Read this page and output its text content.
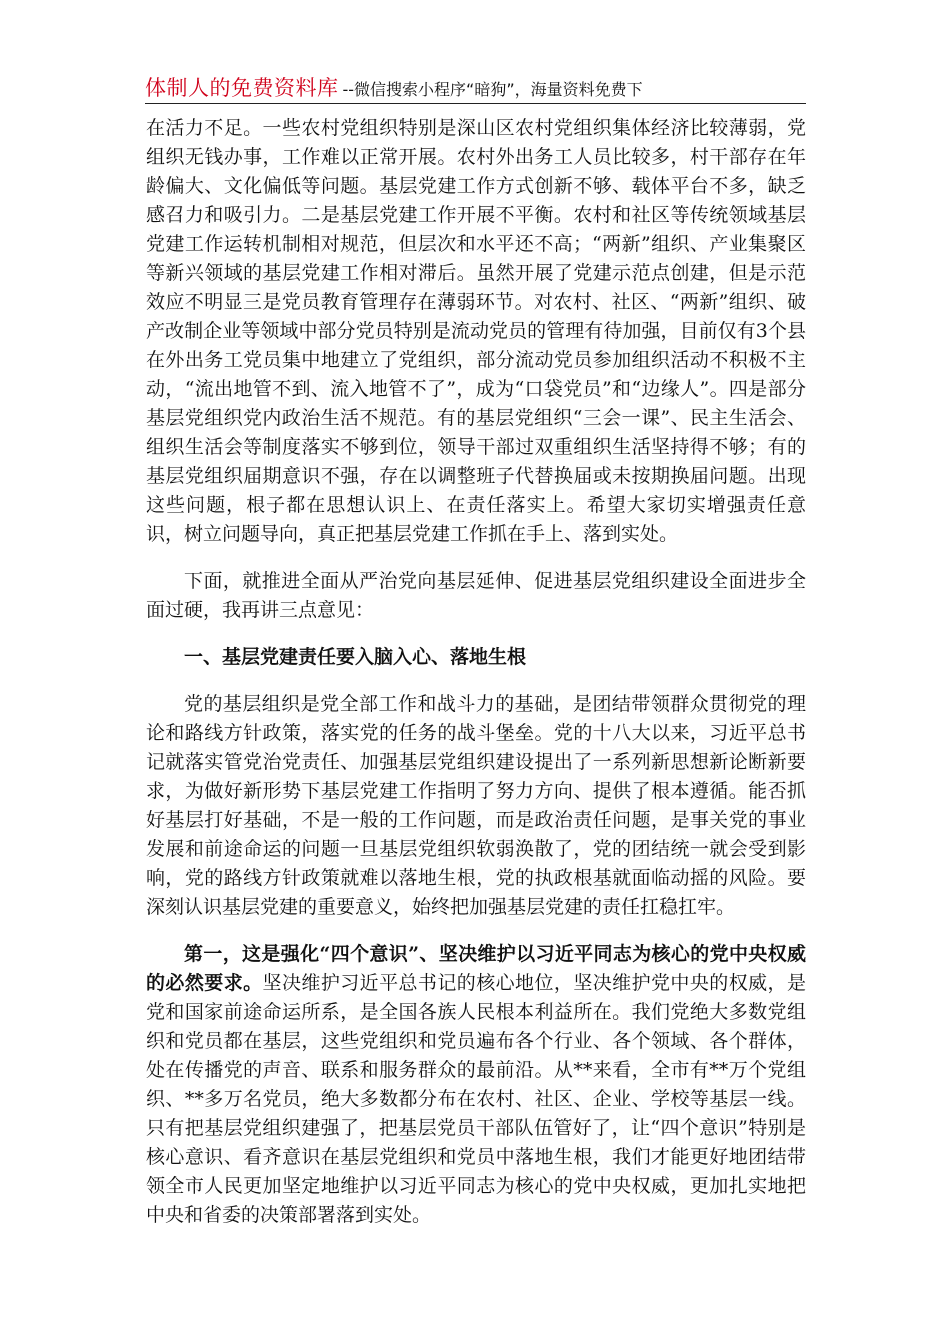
体制人的免费资料库 --微信搜索小程序“暗狗”，海量资料免费下

在活力不足。一些农村党组织特别是深山区农村党组织集体经济比较薄弱，党组织无钱办事，工作难以正常开展。农村外出务工人员比较多，村干部存在年龄偏大、文化偏低等问题。基层党建工作方式创新不够、载体平台不多，缺乏感召力和吸引力。二是基层党建工作开展不平衡。农村和社区等传统领域基层党建工作运转机制相对规范，但层次和水平还不高；“两新”组织、产业集聚区等新兴领域的基层党建工作相对滞后。虽然开展了党建示范点创建，但是示范效应不明显三是党员教育管理存在薄弱环节。对农村、社区、“两新”组织、破产改制企业等领域中部分党员特别是流动党员的管理有待加强，目前仅有3个县在外出务工党员集中地建立了党组织，部分流动党员参加组织活动不积极不主动，“流出地管不到、流入地管不了”，成为“口袋党员”和“边缘人”。四是部分基层党组织党内政治生活不规范。有的基层党组织“三会一课”、民主生活会、组织生活会等制度落实不够到位，领导干部过双重组织生活坚持得不够；有的基层党组织届期意识不强，存在以调整班子代替换届或未按期换届问题。出现这些问题，根子都在思想认识上、在责任落实上。希望大家切实增强责任意识，树立问题导向，真正把基层党建工作抓在手上、落到实处。

下面，就推进全面从严治党向基层延伸、促进基层党组织建设全面进步全面过硬，我再讲三点意见：

一、基层党建责任要入脑入心、落地生根

党的基层组织是党全部工作和战斗力的基础，是团结带领群众贯彻党的理论和路线方针政策，落实党的任务的战斗堡垒。党的十八大以来，习近平总书记就落实管党治党责任、加强基层党组织建设提出了一系列新思想新论断新要求，为做好新形势下基层党建工作指明了努力方向、提供了根本遵循。能否抓好基层打好基础，不是一般的工作问题，而是政治责任问题，是事关党的事业发展和前途命运的问题一旦基层党组织软弱涣散了，党的团结统一就会受到影响，党的路线方针政策就难以落地生根，党的执政根基就面临动摇的风险。要深刻认识基层党建的重要意义，始终把加强基层党建的责任扛稳扛牢。

第一，这是强化“四个意识”、坚决维护以习近平同志为核心的党中央权威的必然要求。坚决维护习近平总书记的核心地位，坚决维护党中央的权威，是党和国家前途命运所系，是全国各族人民根本利益所在。我们党绝大多数党组织和党员都在基层，这些党组织和党员遍布各个行业、各个领域、各个群体，处在传播党的声音、联系和服务群众的最前沿。从**来看，全市有**万个党组织、**多万名党员，绝大多数都分布在农村、社区、企业、学校等基层一线。只有把基层党组织建强了，把基层党员干部队伍管好了，让“四个意识”特别是核心意识、看齐意识在基层党组织和党员中落地生根，我们才能更好地团结带领全市人民更加坚定地维护以习近平同志为核心的党中央权威，更加扎实地把中央和省委的决策部署落到实处。
